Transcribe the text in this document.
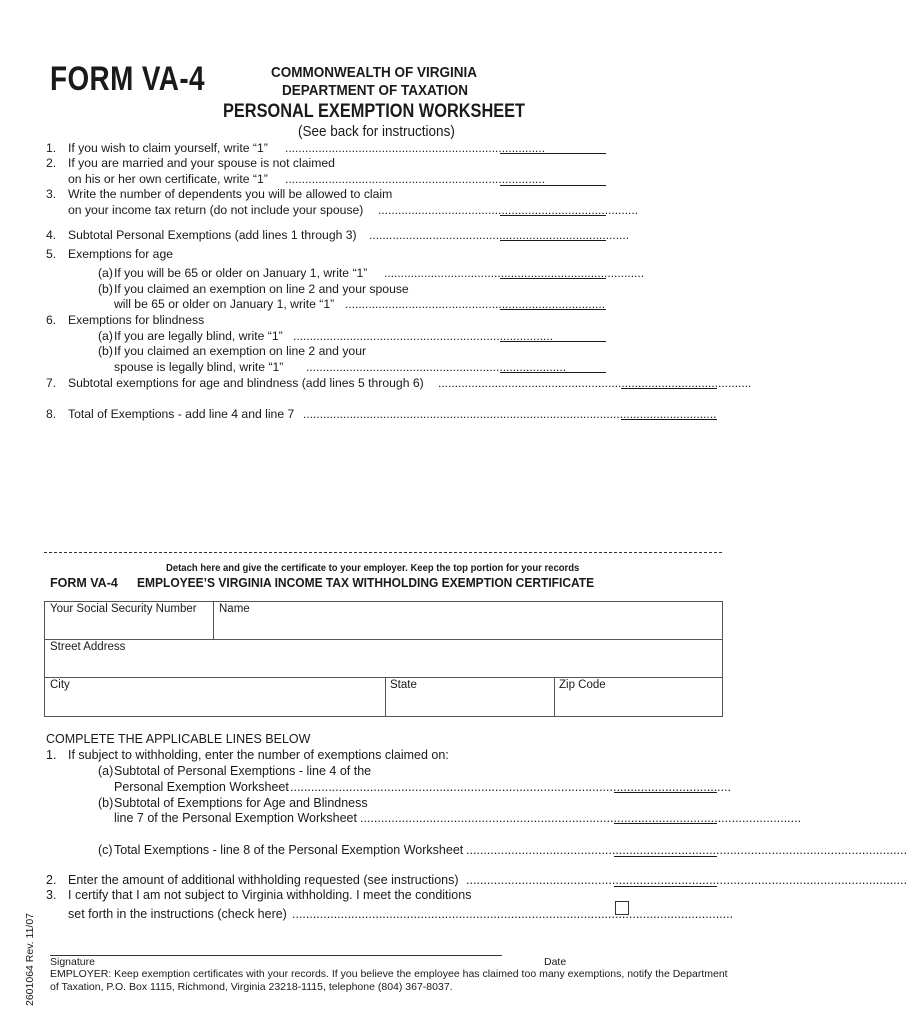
FORM VA-4	COMMONWEALTH OF VIRGINIA
DEPARTMENT OF TAXATION
PERSONAL EXEMPTION WORKSHEET
(See back for instructions)
1. If you wish to claim yourself, write “1” ..............................................................................
2. If you are married and your spouse is not claimed
on his or her own certificate, write “1” ..............................................................................
3. Write the number of dependents you will be allowed to claim
on your income tax return (do not include your spouse) ..............................................................................
4. Subtotal Personal Exemptions (add lines 1 through 3) ..............................................................................
5. Exemptions for age
(a) If you will be 65 or older on January 1, write “1” ..............................................................................
(b) If you claimed an exemption on line 2 and your spouse
will be 65 or older on January 1, write “1” ..............................................................................
6. Exemptions for blindness
(a) If you are legally blind, write “1” ..............................................................................
(b) If you claimed an exemption on line 2 and your
spouse is legally blind, write “1” ..............................................................................
7. Subtotal exemptions for age and blindness (add lines 5 through 6) ..............................................................................................
8. Total of Exemptions - add line 4 and line 7 ............................................................................................................................
Detach here and give the certificate to your employer. Keep the top portion for your records
FORM VA-4 EMPLOYEE’S VIRGINIA INCOME TAX WITHHOLDING EXEMPTION CERTIFICATE
Your Social Security Number Name
Street Address
City	State	Zip Code
COMPLETE THE APPLICABLE LINES BELOW
1. If subject to withholding, enter the number of exemptions claimed on:
(a) Subtotal of Personal Exemptions - line 4 of the
Personal Exemption Worksheet ...............................................................................................................................
(b) Subtotal of Exemptions for Age and Blindness
line 7 of the Personal Exemption Worksheet ...............................................................................................................................
(c) Total Exemptions - line 8 of the Personal Exemption Worksheet ...............................................................................................................................
2. Enter the amount of additional withholding requested (see instructions) ...............................................................................................................................
3. I certify that I am not subject to Virginia withholding. I meet the conditions
set forth in the instructions (check here) ...............................................................................................................................
Signature	Date
EMPLOYER: Keep exemption certificates with your records. If you believe the employee has claimed too many exemptions, notify the Department of Taxation, P.O. Box 1115, Richmond, Virginia 23218-1115, telephone (804) 367-8037.
2601064 Rev. 11/07
